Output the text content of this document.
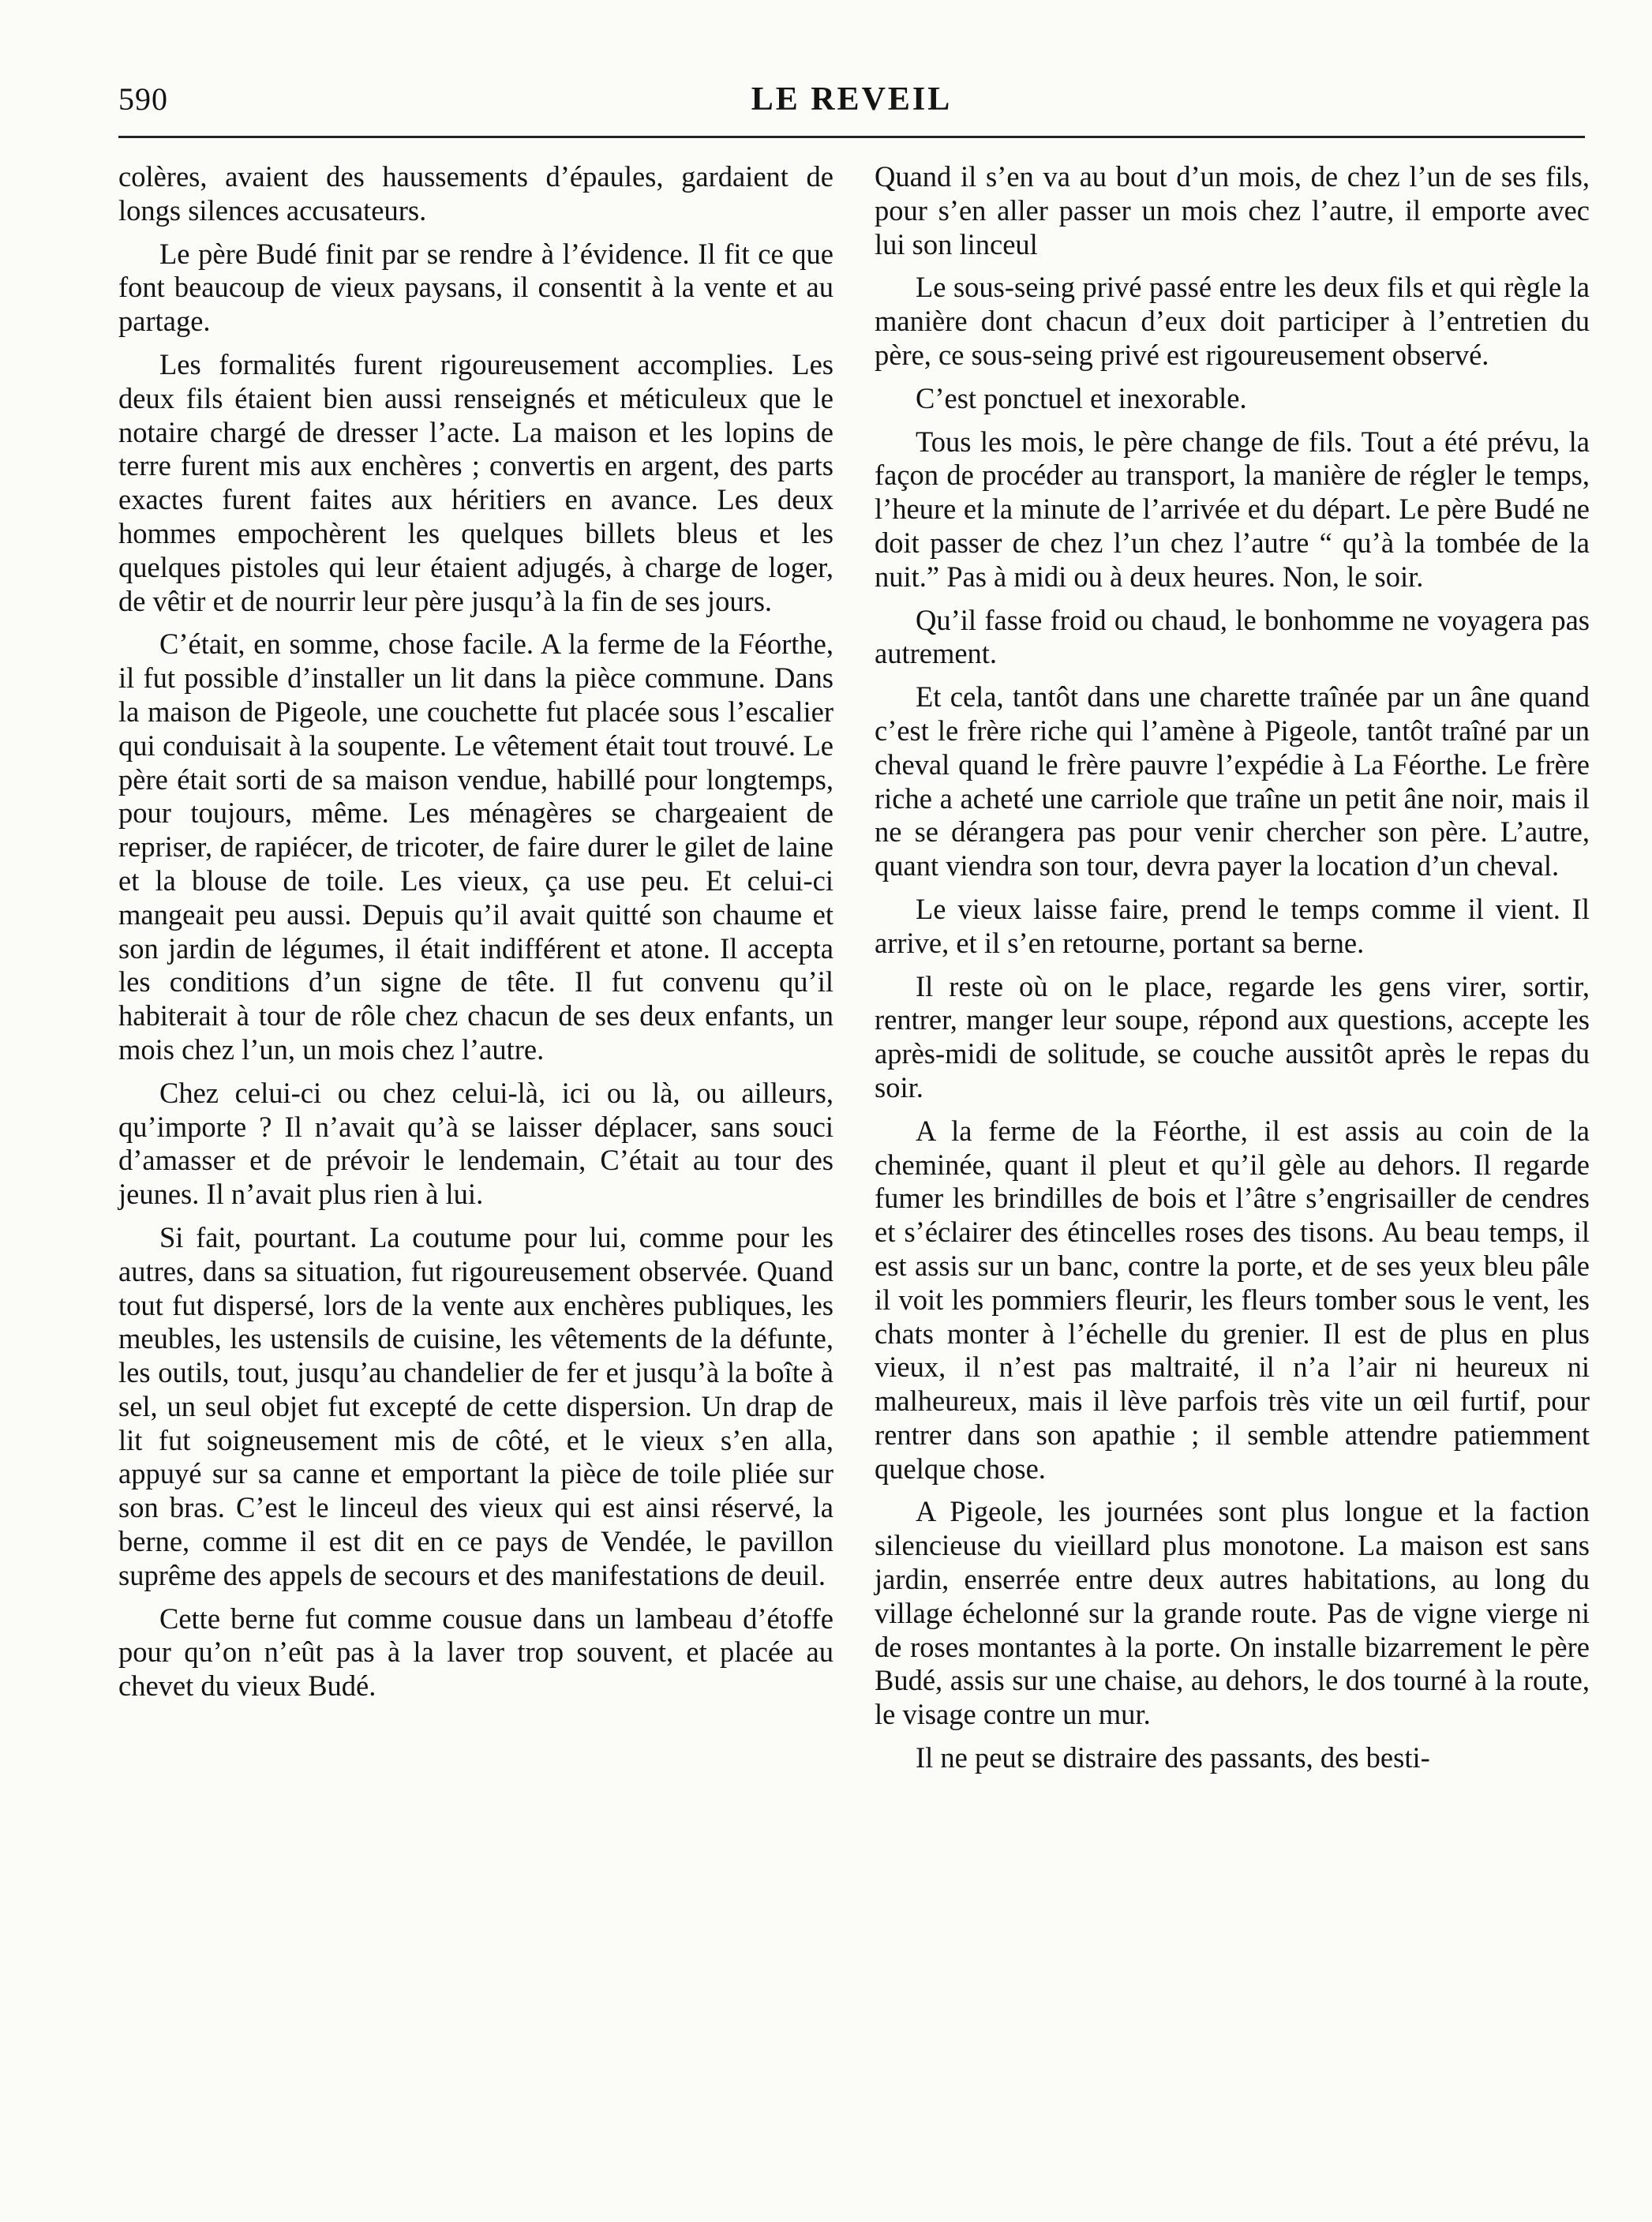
590	LE REVEIL

colères, avaient des haussements d’épaules, gardaient de longs silences accusateurs.

Le père Budé finit par se rendre à l’évidence. Il fit ce que font beaucoup de vieux paysans, il consentit à la vente et au partage.

Les formalités furent rigoureusement accomplies. Les deux fils étaient bien aussi renseignés et méticuleux que le notaire chargé de dresser l’acte. La maison et les lopins de terre furent mis aux enchères ; convertis en argent, des parts exactes furent faites aux héritiers en avance. Les deux hommes empochèrent les quelques billets bleus et les quelques pistoles qui leur étaient adjugés, à charge de loger, de vêtir et de nourrir leur père jusqu’à la fin de ses jours.

C’était, en somme, chose facile. A la ferme de la Féorthe, il fut possible d’installer un lit dans la pièce commune. Dans la maison de Pigeole, une couchette fut placée sous l’escalier qui conduisait à la soupente. Le vêtement était tout trouvé. Le père était sorti de sa maison vendue, habillé pour longtemps, pour toujours, même. Les ménagères se chargeaient de repriser, de rapiécer, de tricoter, de faire durer le gilet de laine et la blouse de toile. Les vieux, ça use peu. Et celui-ci mangeait peu aussi. Depuis qu’il avait quitté son chaume et son jardin de légumes, il était indifférent et atone. Il accepta les conditions d’un signe de tête. Il fut convenu qu’il habiterait à tour de rôle chez chacun de ses deux enfants, un mois chez l’un, un mois chez l’autre.

Chez celui-ci ou chez celui-là, ici ou là, ou ailleurs, qu’importe ? Il n’avait qu’à se laisser déplacer, sans souci d’amasser et de prévoir le lendemain, C’était au tour des jeunes. Il n’avait plus rien à lui.

Si fait, pourtant. La coutume pour lui, comme pour les autres, dans sa situation, fut rigoureusement observée. Quand tout fut dispersé, lors de la vente aux enchères publiques, les meubles, les ustensils de cuisine, les vêtements de la défunte, les outils, tout, jusqu’au chandelier de fer et jusqu’à la boîte à sel, un seul objet fut excepté de cette dispersion. Un drap de lit fut soigneusement mis de côté, et le vieux s’en alla, appuyé sur sa canne et emportant la pièce de toile pliée sur son bras. C’est le linceul des vieux qui est ainsi réservé, la berne, comme il est dit en ce pays de Vendée, le pavillon suprême des appels de secours et des manifestations de deuil.

Cette berne fut comme cousue dans un lambeau d’étoffe pour qu’on n’eût pas à la laver trop souvent, et placée au chevet du vieux Budé.

Quand il s’en va au bout d’un mois, de chez l’un de ses fils, pour s’en aller passer un mois chez l’autre, il emporte avec lui son linceul

Le sous-seing privé passé entre les deux fils et qui règle la manière dont chacun d’eux doit participer à l’entretien du père, ce sous-seing privé est rigoureusement observé.

C’est ponctuel et inexorable.

Tous les mois, le père change de fils. Tout a été prévu, la façon de procéder au transport, la manière de régler le temps, l’heure et la minute de l’arrivée et du départ. Le père Budé ne doit passer de chez l’un chez l’autre “ qu’à la tombée de la nuit.” Pas à midi ou à deux heures. Non, le soir.

Qu’il fasse froid ou chaud, le bonhomme ne voyagera pas autrement.

Et cela, tantôt dans une charette traînée par un âne quand c’est le frère riche qui l’amène à Pigeole, tantôt traîné par un cheval quand le frère pauvre l’expédie à La Féorthe. Le frère riche a acheté une carriole que traîne un petit âne noir, mais il ne se dérangera pas pour venir chercher son père. L’autre, quant viendra son tour, devra payer la location d’un cheval.

Le vieux laisse faire, prend le temps comme il vient. Il arrive, et il s’en retourne, portant sa berne.

Il reste où on le place, regarde les gens virer, sortir, rentrer, manger leur soupe, répond aux questions, accepte les après-midi de solitude, se couche aussitôt après le repas du soir.

A la ferme de la Féorthe, il est assis au coin de la cheminée, quant il pleut et qu’il gèle au dehors. Il regarde fumer les brindilles de bois et l’âtre s’engrisailler de cendres et s’éclairer des étincelles roses des tisons. Au beau temps, il est assis sur un banc, contre la porte, et de ses yeux bleu pâle il voit les pommiers fleurir, les fleurs tomber sous le vent, les chats monter à l’échelle du grenier. Il est de plus en plus vieux, il n’est pas maltraité, il n’a l’air ni heureux ni malheureux, mais il lève parfois très vite un œil furtif, pour rentrer dans son apathie ; il semble attendre patiemment quelque chose.

A Pigeole, les journées sont plus longue et la faction silencieuse du vieillard plus monotone. La maison est sans jardin, enserrée entre deux autres habitations, au long du village échelonné sur la grande route. Pas de vigne vierge ni de roses montantes à la porte. On installe bizarrement le père Budé, assis sur une chaise, au dehors, le dos tourné à la route, le visage contre un mur.

Il ne peut se distraire des passants, des besti-
